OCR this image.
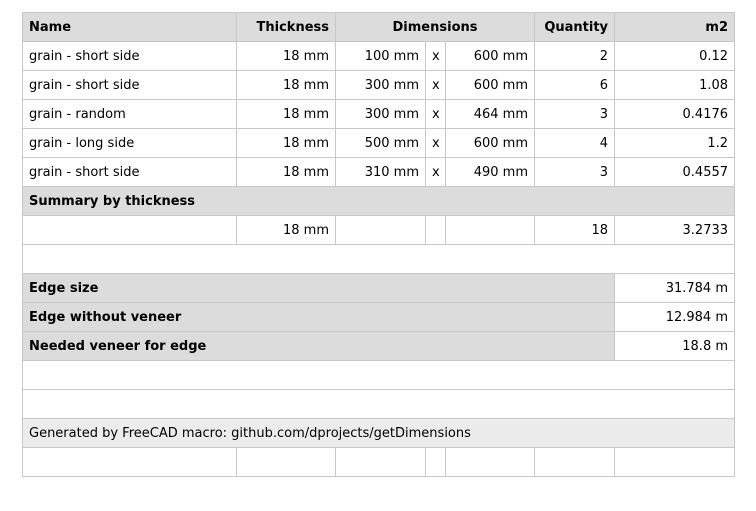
Name	Thickness	Dimensions			Quantity	m2
grain - short side	18 mm	100 mm	x	600 mm	2	0.12
grain - short side	18 mm	300 mm	x	600 mm	6	1.08
grain - random	18 mm	300 mm	x	464 mm	3	0.4176
grain - long side	18 mm	500 mm	x	600 mm	4	1.2
grain - short side	18 mm	310 mm	x	490 mm	3	0.4557
Summary by thickness						
	18 mm				18	3.2733

Edge size						31.784 m
Edge without veneer						12.984 m
Needed veneer for edge						18.8 m

Generated by FreeCAD macro: github.com/dprojects/getDimensions						
